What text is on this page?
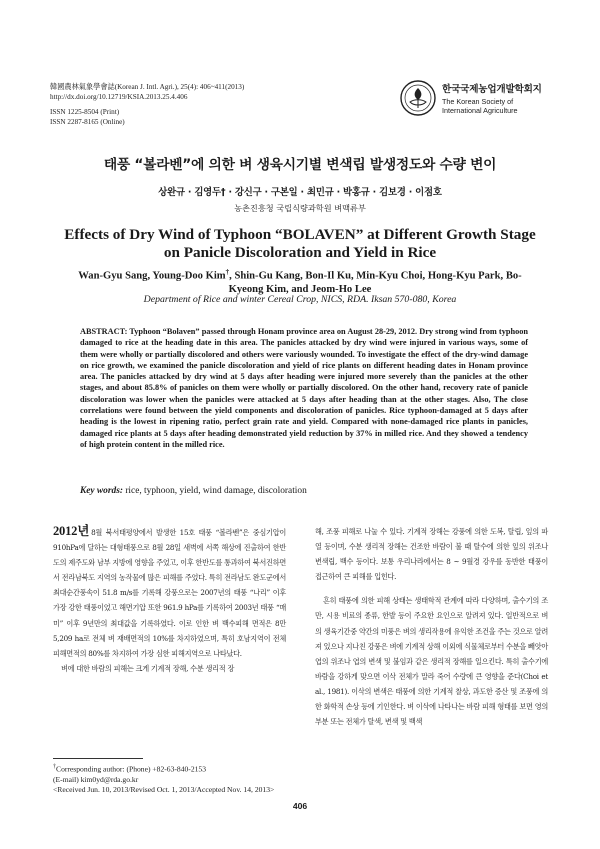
韓國農林氣象學會誌(Korean J. Intl. Agri.), 25(4): 406~411(2013)
http://dx.doi.org/10.12719/KSIA.2013.25.4.406
ISSN 1225-8504 (Print)
ISSN 2287-8165 (Online)
한국국제농업개발학회지
The Korean Society of International Agriculture
태풍 “볼라벤”에 의한 벼 생육시기별 변색립 발생정도와 수량 변이
상완규 · 김영두† · 강신구 · 구본일 · 최민규 · 박홍규 · 김보경 · 이점호
농촌진흥청 국립식량과학원 벼맥류부
Effects of Dry Wind of Typhoon “BOLAVEN” at Different Growth Stage on Panicle Discoloration and Yield in Rice
Wan-Gyu Sang, Young-Doo Kim†, Shin-Gu Kang, Bon-Il Ku, Min-Kyu Choi, Hong-Kyu Park, Bo-Kyeong Kim, and Jeom-Ho Lee
Department of Rice and winter Cereal Crop, NICS, RDA. Iksan 570-080, Korea
ABSTRACT: Typhoon “Bolaven” passed through Honam province area on August 28-29, 2012. Dry strong wind from typhoon damaged to rice at the heading date in this area. The panicles attacked by dry wind were injured in various ways, some of them were wholly or partially discolored and others were variously wounded. To investigate the effect of the dry-wind damage on rice growth, we examined the panicle discoloration and yield of rice plants on different heading dates in Honam province area. The panicles attacked by dry wind at 5 days after heading were injured more severely than the panicles at the other stages, and about 85.8% of panicles on them were wholly or partially discolored. On the other hand, recovery rate of panicle discoloration was lower when the panicles were attacked at 5 days after heading than at the other stages. Also, The close correlations were found between the yield components and discoloration of panicles. Rice typhoon-damaged at 5 days after heading is the lowest in ripening ratio, perfect grain rate and yield. Compared with none-damaged rice plants in panicles, damaged rice plants at 5 days after heading demonstrated yield reduction by 37% in milled rice. And they showed a tendency of high protein content in the milled rice.
Key words: rice, typhoon, yield, wind damage, discoloration

2012년 8월 북서태평양에서 발생한 15호 태풍 “볼라벤”은 중심기압이 910hPa에 달하는 대형태풍으로 8월 28일 새벽에 서쪽 해상에 진출하여 한반도의 제주도와 남부 지방에 영향을 주었고, 이후 한반도를 통과하여 북서진하면서 전라남북도 지역의 농작물에 많은 피해를 주었다. 특히 전라남도 완도군에서 최대순간풍속이 51.8 m/s를 기록해 강풍으로는 2007년의 태풍 “나리” 이후 가장 강한 태풍이었고 해면기압 또한 961.9 hPa를 기록하여 2003년 태풍 “매미” 이후 9년만의 최대값을 기록하였다. 이로 인한 벼 백수피해 면적은 8만 5,209 ha로 전체 벼 재배면적의 10%를 차지하였으며, 특히 호남지역이 전체 피해면적의 80%를 차지하여 가장 심한 피해지역으로 나타났다.

벼에 대한 바람의 피해는 크게 기계적 장해, 수분 생리적 장

해, 조풍 피해로 나눌 수 있다. 기계적 장해는 강풍에 의한 도복, 탈립, 잎의 파열 등이며, 수분 생리적 장해는 건조한 바람이 불 때 탈수에 의한 잎의 위조나 변색립, 백수 등이다. 보통 우리나라에서는 8 ~ 9월경 강우를 동반한 태풍이 접근하여 큰 피해를 입힌다.

흔히 태풍에 의한 피해 상태는 생태학적 관계에 따라 다양하며, 출수기의 조만, 시용 비료의 종류, 한발 등이 주요한 요인으로 알려져 있다. 일반적으로 벼의 생육기간중 약간의 미풍은 벼의 생리작용에 유익한 조건을 주는 것으로 알려져 있으나 지나친 강풍은 벼에 기계적 상해 이외에 식물체로부터 수분을 빼앗아 엽의 위조나 엽의 변색 및 불임과 같은 생리적 장해를 일으킨다. 특히 출수기에 바람을 강하게 맞으면 이삭 전체가 말라 죽어 수량에 큰 영향을 준다(Choi et al., 1981). 이삭의 변색은 태풍에 의한 기계적 찰상, 과도한 증산 및 조풍에 의한 화학적 손상 등에 기인한다. 벼 이삭에 나타나는 바람 피해 형태를 보면 영의 부분 또는 전체가 탈색, 변색 및 백색

†Corresponding author: (Phone) +82-63-840-2153
(E-mail) kim0yd@rda.go.kr
<Received Jun. 10, 2013/Revised Oct. 1, 2013/Accepted Nov. 14, 2013>
406
